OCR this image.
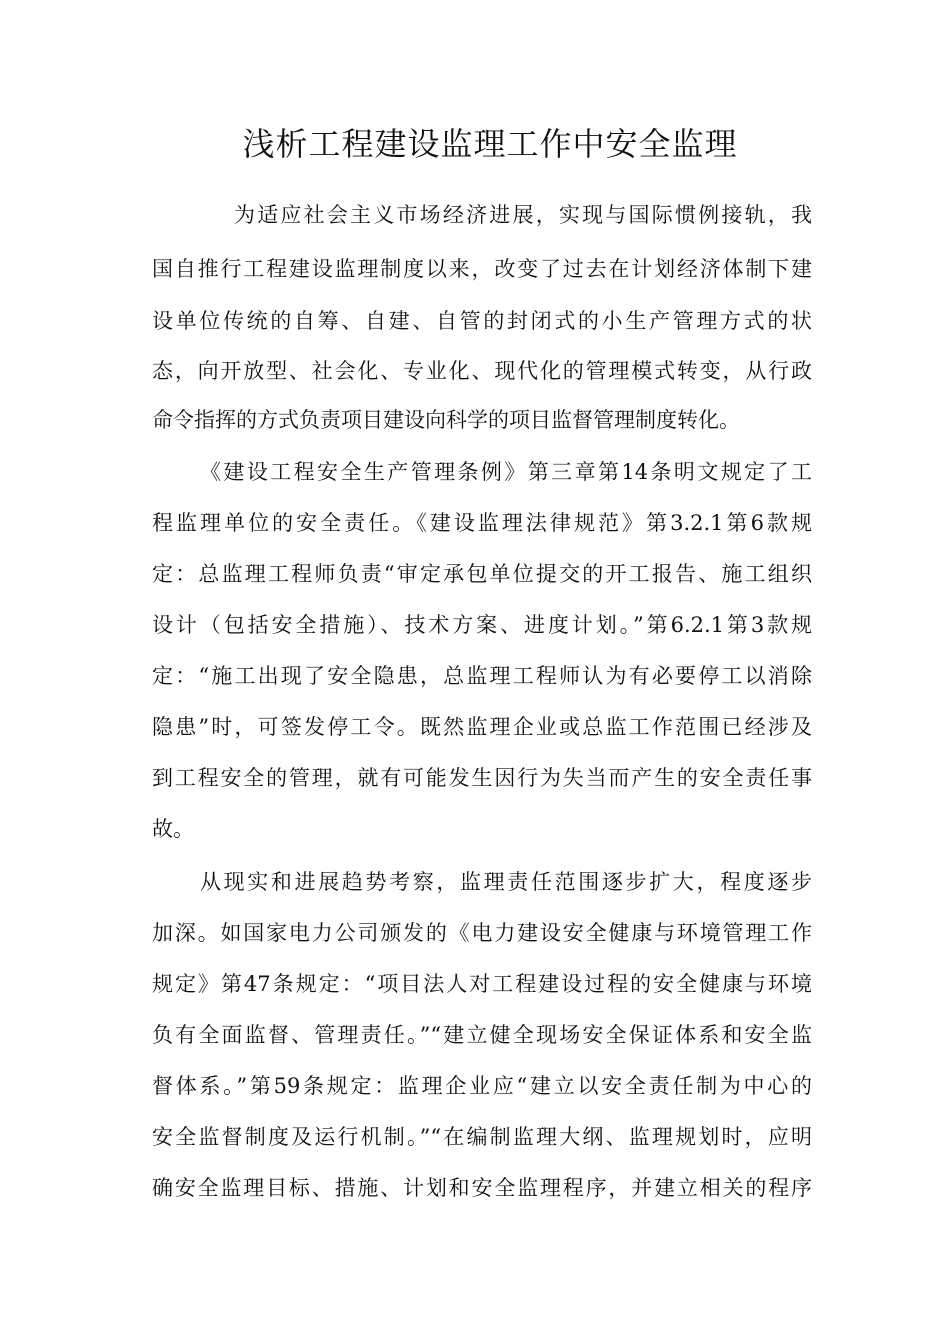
浅析工程建设监理工作中安全监理
为适应社会主义市场经济进展，实现与国际惯例接轨，我
国自推行工程建设监理制度以来，改变了过去在计划经济体制下建
设单位传统的自筹、自建、自管的封闭式的小生产管理方式的状
态，向开放型、社会化、专业化、现代化的管理模式转变，从行政
命令指挥的方式负责项目建设向科学的项目监督管理制度转化。
《建设工程安全生产管理条例》第三章第14条明文规定了工
程监理单位的安全责任。《建设监理法律规范》第3.2.1第6款规
定：总监理工程师负责“审定承包单位提交的开工报告、施工组织
设计（包括安全措施）、技术方案、进度计划。”第6.2.1第3款规
定：“施工出现了安全隐患，总监理工程师认为有必要停工以消除
隐患”时，可签发停工令。既然监理企业或总监工作范围已经涉及
到工程安全的管理，就有可能发生因行为失当而产生的安全责任事
故。
从现实和进展趋势考察，监理责任范围逐步扩大，程度逐步
加深。如国家电力公司颁发的《电力建设安全健康与环境管理工作
规定》第47条规定：“项目法人对工程建设过程的安全健康与环境
负有全面监督、管理责任。”“建立健全现场安全保证体系和安全监
督体系。”第59条规定：监理企业应“建立以安全责任制为中心的
安全监督制度及运行机制。”“在编制监理大纲、监理规划时，应明
确安全监理目标、措施、计划和安全监理程序，并建立相关的程序
